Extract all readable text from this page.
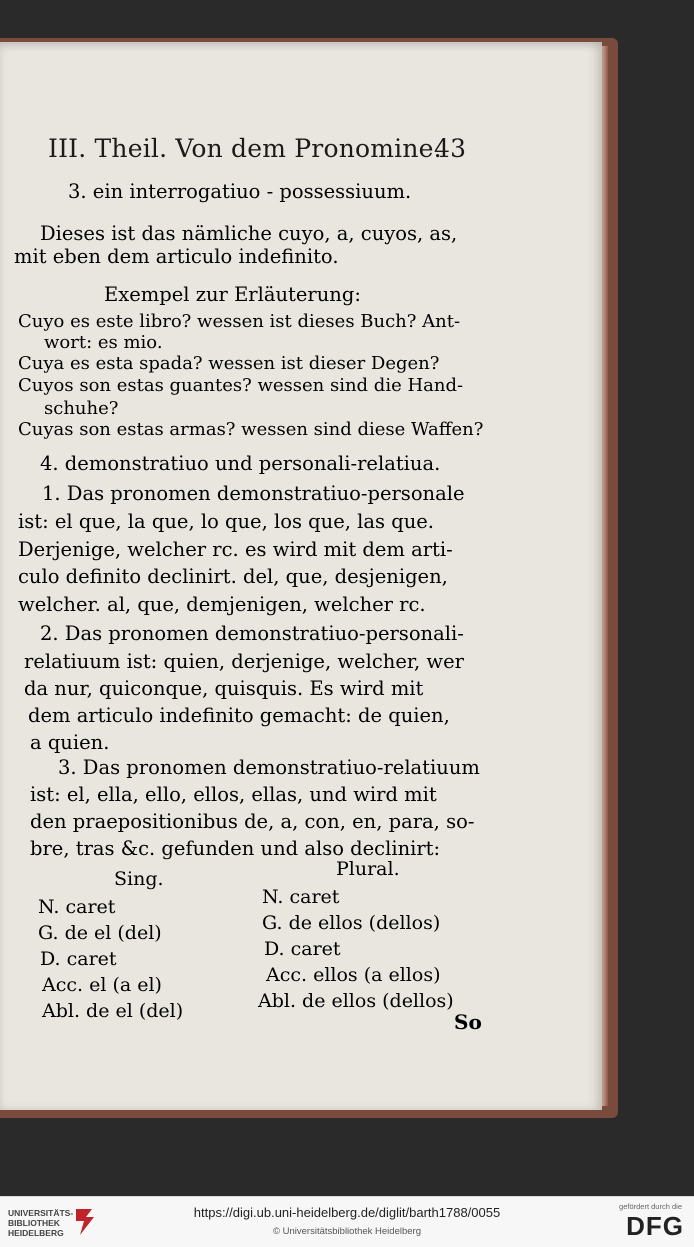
III. Theil. Von dem Pronomine.
43
3. ein interrogatiuo - possessiuum.
Dieses ist das nämliche cuyo, a, cuyos, as,
mit eben dem articulo indefinito.
Exempel zur Erläuterung:
Cuyo es este libro? wessen ist dieses Buch? Ant-
wort: es mio.
Cuya es esta spada? wessen ist dieser Degen?
Cuyos son estas guantes? wessen sind die Hand-
schuhe?
Cuyas son estas armas? wessen sind diese Waffen?
4. demonstratiuo und personali-relatiua.
1. Das pronomen demonstratiuo-personale
ist: el que, la que, lo que, los que, las que.
Derjenige, welcher rc. es wird mit dem arti-
culo definito declinirt. del, que, desjenigen,
welcher. al, que, demjenigen, welcher rc.
2. Das pronomen demonstratiuo-personali-
relatiuum ist: quien, derjenige, welcher, wer
da nur, quiconque, quisquis. Es wird mit
dem articulo indefinito gemacht: de quien,
a quien.
3. Das pronomen demonstratiuo-relatiuum
ist: el, ella, ello, ellos, ellas, und wird mit
den praepositionibus de, a, con, en, para, so-
bre, tras &c. gefunden und also declinirt:
Sing.	Plural.
N. caret
G. de el (del)
D. caret
Acc. el (a el)
Abl. de el (del)
N. caret
G. de ellos (dellos)
D. caret
Acc. ellos (a ellos)
Abl. de ellos (dellos)
So
UNIVERSITÄTS-
BIBLIOTHEK
HEIDELBERG
https://digi.ub.uni-heidelberg.de/diglit/barth1788/0055
© Universitätsbibliothek Heidelberg
gefördert durch die
DFG
